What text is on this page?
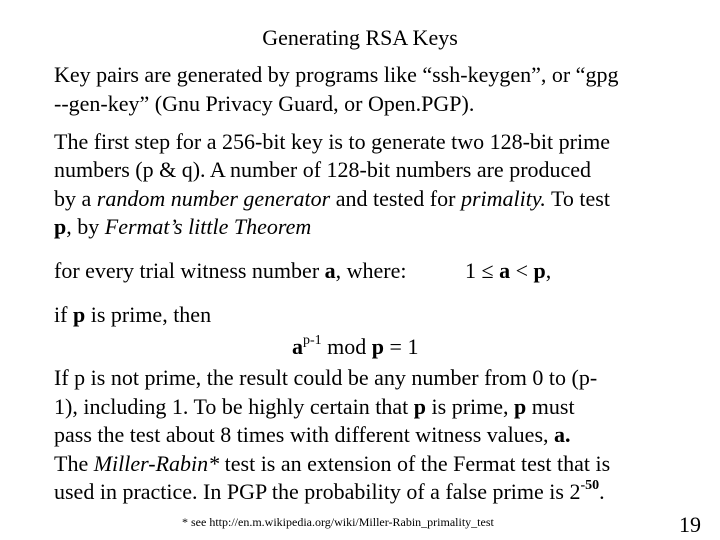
Generating RSA Keys
Key pairs are generated by programs like “ssh-keygen”, or “gpg
--gen-key” (Gnu Privacy Guard, or Open.PGP).
The first step for a 256-bit key is to generate two 128-bit prime
numbers (p & q). A number of 128-bit numbers are produced
by a random number generator and tested for primality. To test
p, by Fermat’s little Theorem
for every trial witness number a, where:	1 ≤ a < p,
if p is prime, then
$a^{p-1}$ mod p = 1
If p is not prime, the result could be any number from 0 to (p-
1), including 1. To be highly certain that p is prime, p must
pass the test about 8 times with different witness values, a.
The Miller-Rabin* test is an extension of the Fermat test that is
used in practice. In PGP the probability of a false prime is $2^{-50}$.
* see http://en.m.wikipedia.org/wiki/Miller-Rabin_primality_test	19
